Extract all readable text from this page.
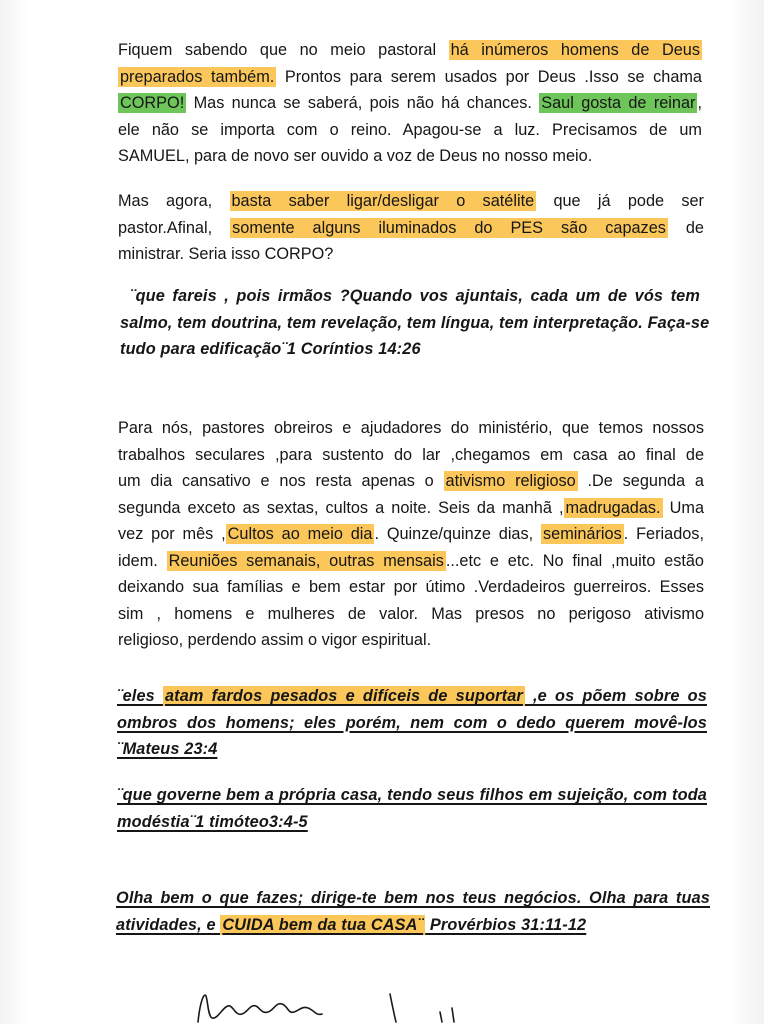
Fiquem sabendo que no meio pastoral há inúmeros homens de Deus
preparados também. Prontos para serem usados por Deus .Isso se chama
CORPO! Mas nunca se saberá, pois não há chances. Saul gosta de reinar ,
ele não se importa com o reino. Apagou-se a luz. Precisamos de um
SAMUEL, para de novo ser ouvido a voz de Deus no nosso meio.
Mas agora, basta saber ligar/desligar o satélite que já pode ser
pastor.Afinal, somente alguns iluminados do PES são capazes de
ministrar. Seria isso CORPO?
¨que fareis , pois irmãos ?Quando vos ajuntais, cada um de vós tem
salmo, tem doutrina, tem revelação, tem língua, tem interpretação. Faça-se
tudo para edificação¨1 Coríntios 14:26
Para nós, pastores obreiros e ajudadores do ministério, que temos nossos
trabalhos seculares ,para sustento do lar ,chegamos em casa ao final de
um dia cansativo e nos resta apenas o ativismo religioso .De segunda a
segunda exceto as sextas, cultos a noite. Seis da manhã , madrugadas. Uma
vez por mês , Cultos ao meio dia . Quinze/quinze dias, seminários . Feriados,
idem. Reuniões semanais, outras mensais ...etc e etc. No final ,muito estão
deixando sua famílias e bem estar por útimo .Verdadeiros guerreiros. Esses
sim , homens e mulheres de valor. Mas presos no perigoso ativismo
religioso, perdendo assim o vigor espiritual.
¨eles atam fardos pesados e difíceis de suportar ,e os põem sobre os
ombros dos homens; eles porém, nem com o dedo querem movê-los
¨Mateus 23:4
¨que governe bem a própria casa, tendo seus filhos em sujeição, com toda
modéstia¨1 timóteo3:4-5
Olha bem o que fazes; dirige-te bem nos teus negócios. Olha para tuas
atividades, e CUIDA bem da tua CASA¨ Provérbios 31:11-12
